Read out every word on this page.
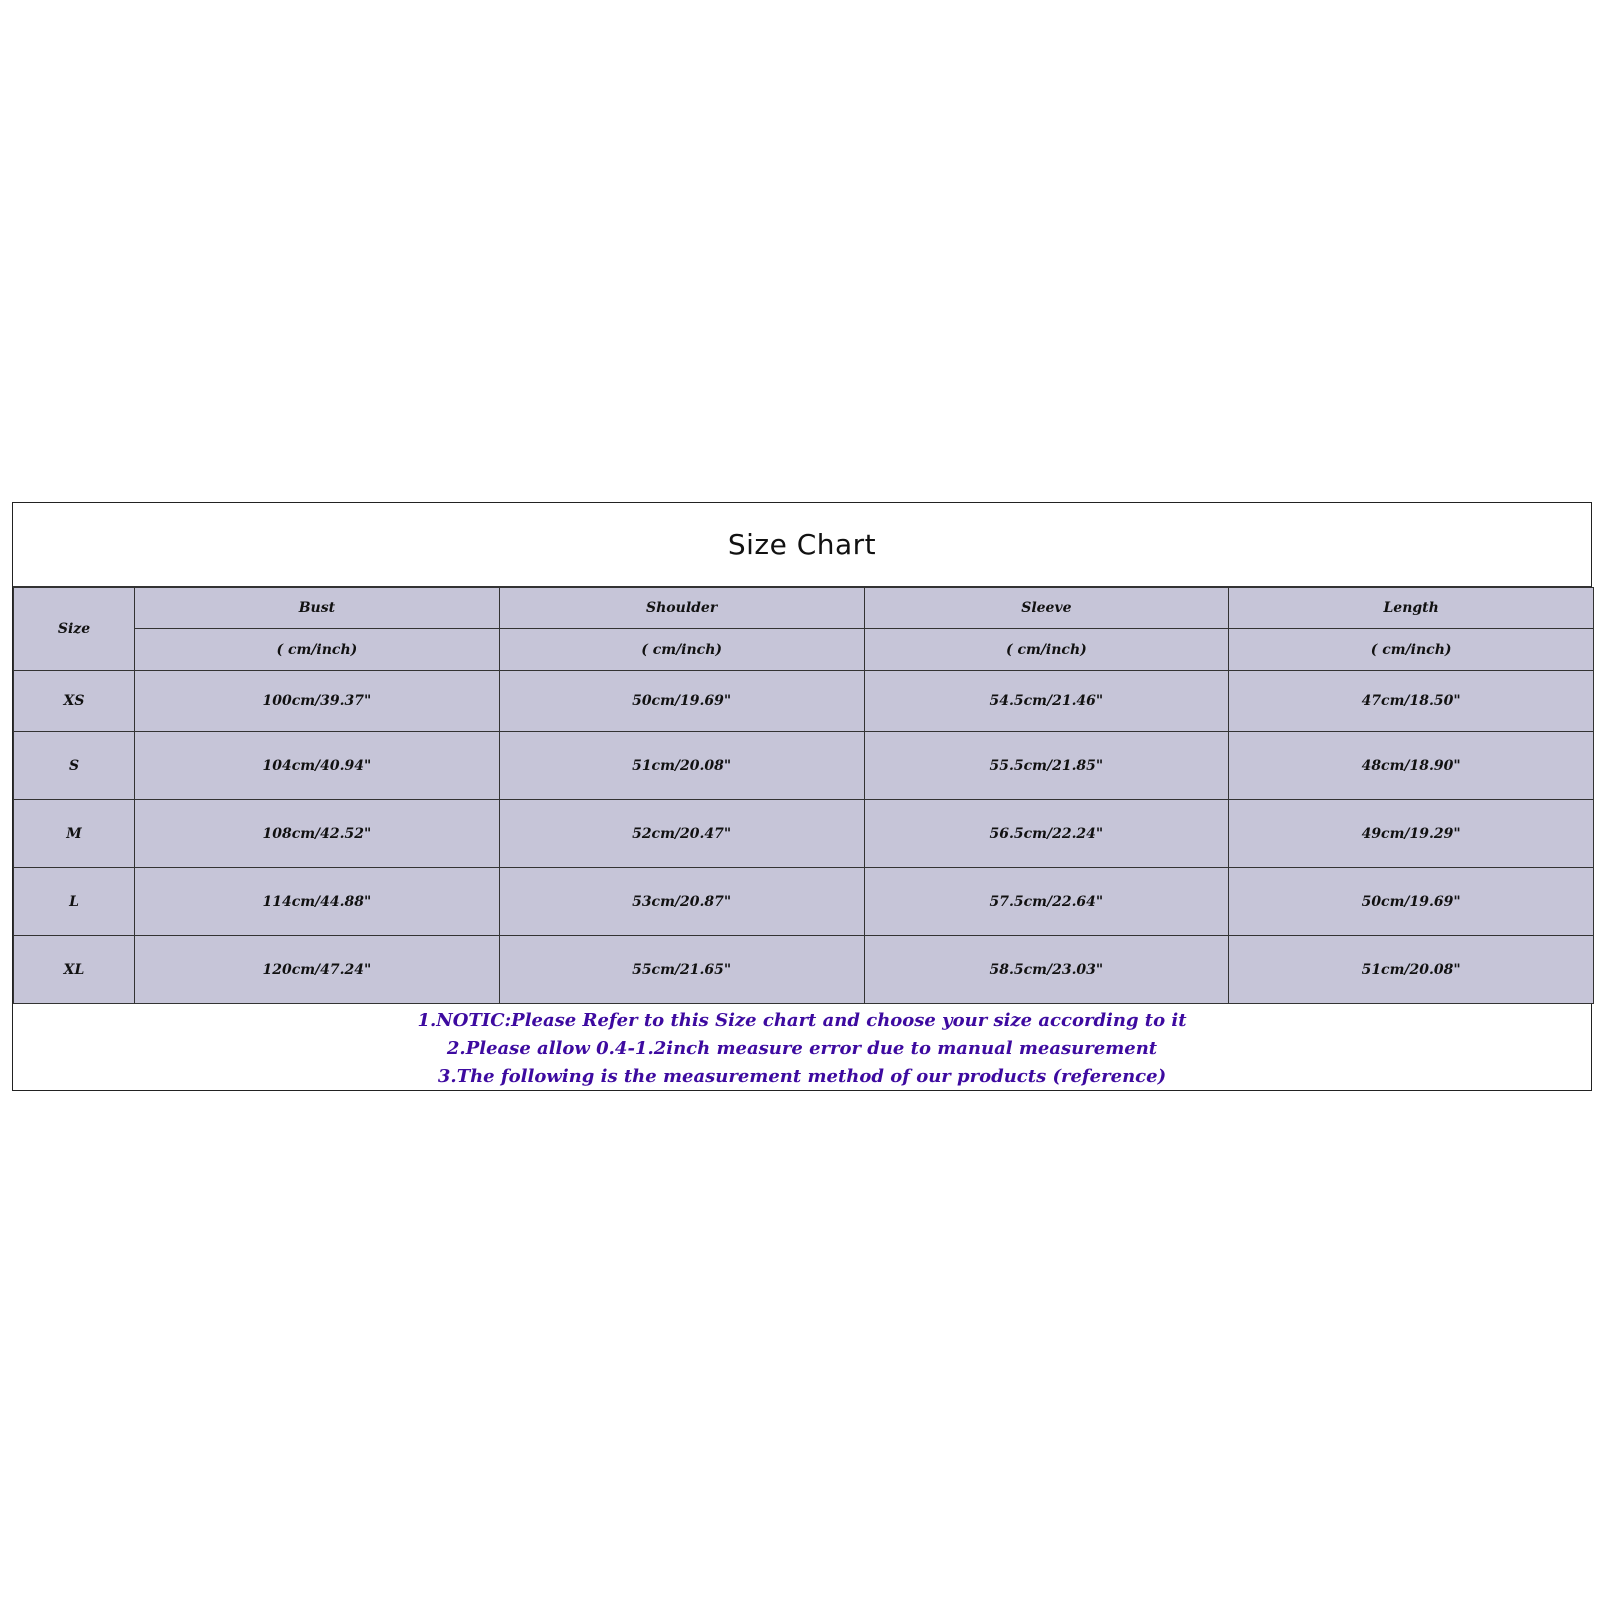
Size Chart
Size	Bust	Shoulder	Sleeve	Length
	( cm/inch)	( cm/inch)	( cm/inch)	( cm/inch)
XS	100cm/39.37"	50cm/19.69"	54.5cm/21.46"	47cm/18.50"
S	104cm/40.94"	51cm/20.08"	55.5cm/21.85"	48cm/18.90"
M	108cm/42.52"	52cm/20.47"	56.5cm/22.24"	49cm/19.29"
L	114cm/44.88"	53cm/20.87"	57.5cm/22.64"	50cm/19.69"
XL	120cm/47.24"	55cm/21.65"	58.5cm/23.03"	51cm/20.08"
1.NOTIC:Please Refer to this Size chart and choose your size according to it
2.Please allow 0.4-1.2inch measure error due to manual measurement
3.The following is the measurement method of our products (reference)
